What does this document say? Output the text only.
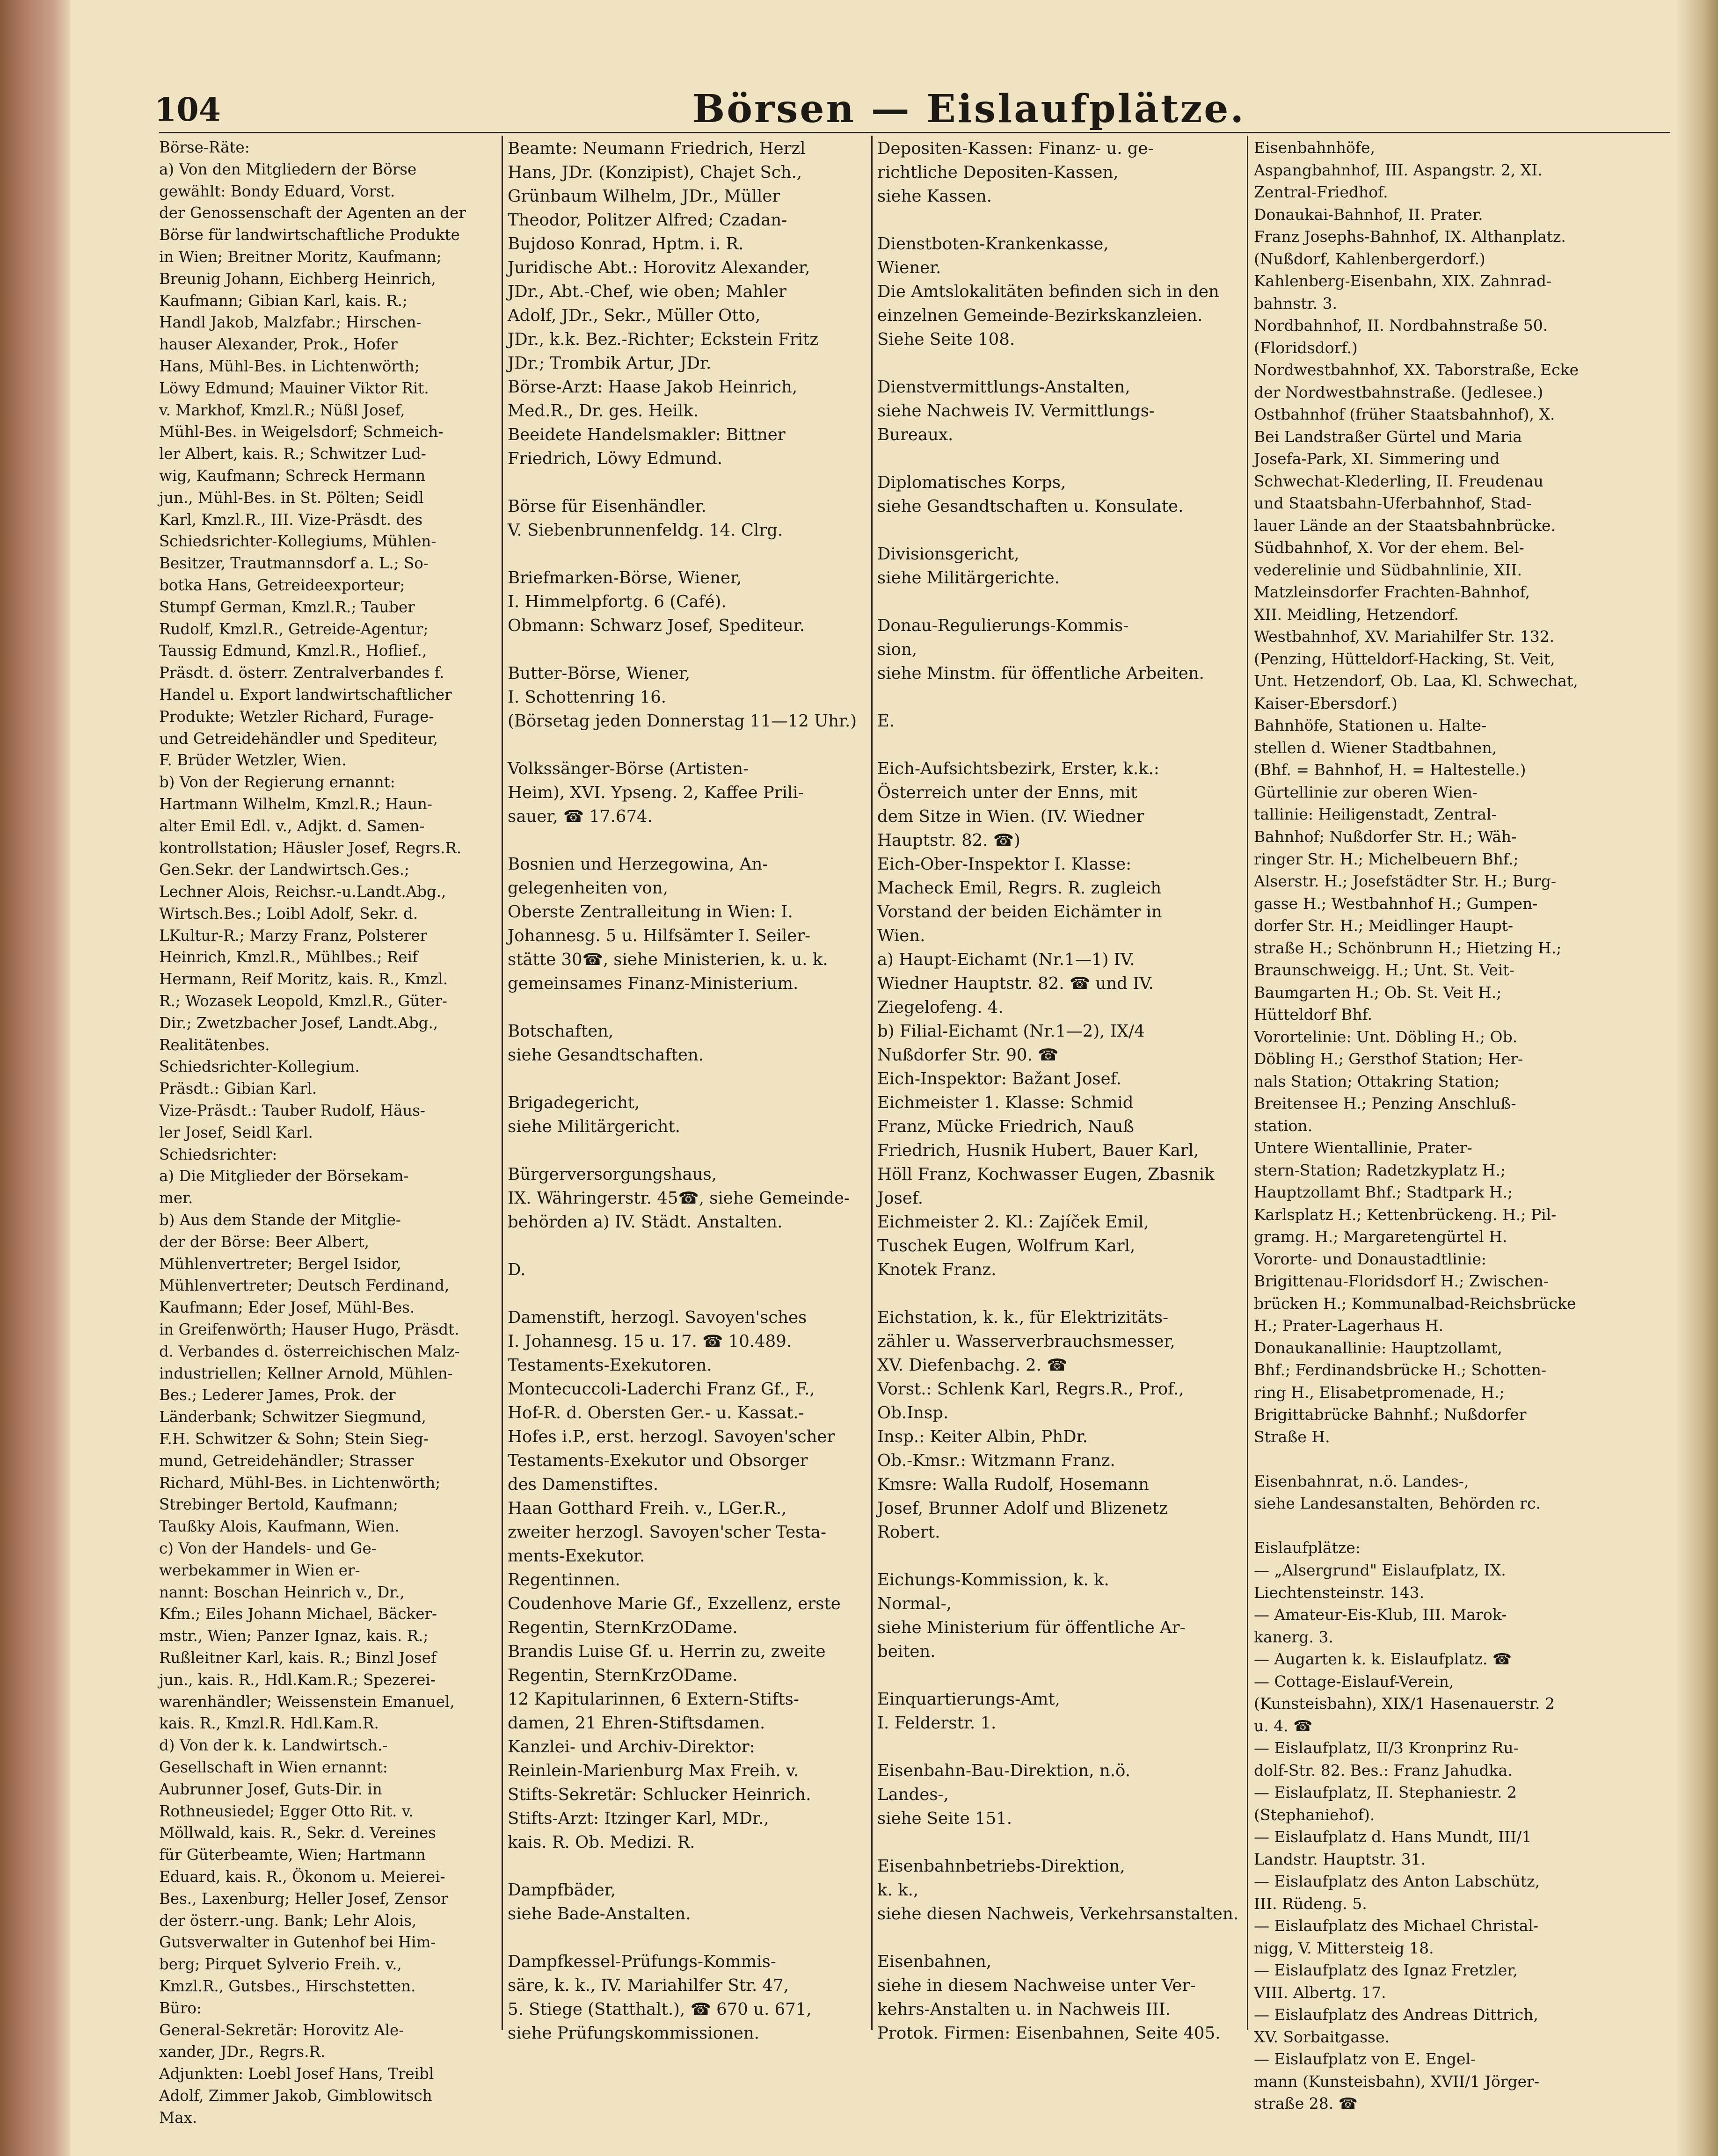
104	Börsen — Eislaufplätze.
Börse-Räte:
a) Von den Mitgliedern der Börse
gewählt: Bondy Eduard, Vorst.
der Genossenschaft der Agenten an der
Börse für landwirtschaftliche Produkte
in Wien; Breitner Moritz, Kaufmann;
Breunig Johann, Eichberg Heinrich,
Kaufmann; Gibian Karl, kais. R.;
Handl Jakob, Malzfabr.; Hirschen-
hauser Alexander, Prok., Hofer
Hans, Mühl-Bes. in Lichtenwörth;
Löwy Edmund; Mauiner Viktor Rit.
v. Markhof, Kmzl.R.; Nüßl Josef,
Mühl-Bes. in Weigelsdorf; Schmeich-
ler Albert, kais. R.; Schwitzer Lud-
wig, Kaufmann; Schreck Hermann
jun., Mühl-Bes. in St. Pölten; Seidl
Karl, Kmzl.R., III. Vize-Präsdt. des
Schiedsrichter-Kollegiums, Mühlen-
Besitzer, Trautmannsdorf a. L.; So-
botka Hans, Getreideexporteur;
Stumpf German, Kmzl.R.; Tauber
Rudolf, Kmzl.R., Getreide-Agentur;
Taussig Edmund, Kmzl.R., Hoflief.,
Präsdt. d. österr. Zentralverbandes f.
Handel u. Export landwirtschaftlicher
Produkte; Wetzler Richard, Furage-
und Getreidehändler und Spediteur,
F. Brüder Wetzler, Wien.
b) Von der Regierung ernannt:
Hartmann Wilhelm, Kmzl.R.; Haun-
alter Emil Edl. v., Adjkt. d. Samen-
kontrollstation; Häusler Josef, Regrs.R.
Gen.Sekr. der Landwirtsch.Ges.;
Lechner Alois, Reichsr.-u.Landt.Abg.,
Wirtsch.Bes.; Loibl Adolf, Sekr. d.
LKultur-R.; Marzy Franz, Polsterer
Heinrich, Kmzl.R., Mühlbes.; Reif
Hermann, Reif Moritz, kais. R., Kmzl.
R.; Wozasek Leopold, Kmzl.R., Güter-
Dir.; Zwetzbacher Josef, Landt.Abg.,
Realitätenbes.
Schiedsrichter-Kollegium.
Präsdt.: Gibian Karl.
Vize-Präsdt.: Tauber Rudolf, Häus-
ler Josef, Seidl Karl.
Schiedsrichter:
a) Die Mitglieder der Börsekam-
mer.
b) Aus dem Stande der Mitglie-
der der Börse: Beer Albert,
Mühlenvertreter; Bergel Isidor,
Mühlenvertreter; Deutsch Ferdinand,
Kaufmann; Eder Josef, Mühl-Bes.
in Greifenwörth; Hauser Hugo, Präsdt.
d. Verbandes d. österreichischen Malz-
industriellen; Kellner Arnold, Mühlen-
Bes.; Lederer James, Prok. der
Länderbank; Schwitzer Siegmund,
F.H. Schwitzer & Sohn; Stein Sieg-
mund, Getreidehändler; Strasser
Richard, Mühl-Bes. in Lichtenwörth;
Strebinger Bertold, Kaufmann;
Taußky Alois, Kaufmann, Wien.
c) Von der Handels- und Ge-
werbekammer in Wien er-
nannt: Boschan Heinrich v., Dr.,
Kfm.; Eiles Johann Michael, Bäcker-
mstr., Wien; Panzer Ignaz, kais. R.;
Rußleitner Karl, kais. R.; Binzl Josef
jun., kais. R., Hdl.Kam.R.; Spezerei-
warenhändler; Weissenstein Emanuel,
kais. R., Kmzl.R. Hdl.Kam.R.
d) Von der k. k. Landwirtsch.-
Gesellschaft in Wien ernannt:
Aubrunner Josef, Guts-Dir. in
Rothneusiedel; Egger Otto Rit. v.
Möllwald, kais. R., Sekr. d. Vereines
für Güterbeamte, Wien; Hartmann
Eduard, kais. R., Ökonom u. Meierei-
Bes., Laxenburg; Heller Josef, Zensor
der österr.-ung. Bank; Lehr Alois,
Gutsverwalter in Gutenhof bei Him-
berg; Pirquet Sylverio Freih. v.,
Kmzl.R., Gutsbes., Hirschstetten.
Büro:
General-Sekretär: Horovitz Ale-
xander, JDr., Regrs.R.
Adjunkten: Loebl Josef Hans, Treibl
Adolf, Zimmer Jakob, Gimblowitsch
Max.
Beamte: Neumann Friedrich, Herzl
Hans, JDr. (Konzipist), Chajet Sch.,
Grünbaum Wilhelm, JDr., Müller
Theodor, Politzer Alfred; Czadan-
Bujdoso Konrad, Hptm. i. R.
Juridische Abt.: Horovitz Alexander,
JDr., Abt.-Chef, wie oben; Mahler
Adolf, JDr., Sekr., Müller Otto,
JDr., k.k. Bez.-Richter; Eckstein Fritz
JDr.; Trombik Artur, JDr.
Börse-Arzt: Haase Jakob Heinrich,
Med.R., Dr. ges. Heilk.
Beeidete Handelsmakler: Bittner
Friedrich, Löwy Edmund.

Börse für Eisenhändler.
V. Siebenbrunnenfeldg. 14. Clrg.

Briefmarken-Börse, Wiener,
I. Himmelpfortg. 6 (Café).
Obmann: Schwarz Josef, Spediteur.

Butter-Börse, Wiener,
I. Schottenring 16.
(Börsetag jeden Donnerstag 11—12 Uhr.)

Volkssänger-Börse (Artisten-
Heim), XVI. Ypseng. 2, Kaffee Prili-
sauer, ☎ 17.674.

Bosnien und Herzegowina, An-
gelegenheiten von,
Oberste Zentralleitung in Wien: I.
Johannesg. 5 u. Hilfsämter I. Seiler-
stätte 30☎, siehe Ministerien, k. u. k.
gemeinsames Finanz-Ministerium.

Botschaften,
siehe Gesandtschaften.

Brigadegericht,
siehe Militärgericht.

Bürgerversorgungshaus,
IX. Währingerstr. 45☎, siehe Gemeinde-
behörden a) IV. Städt. Anstalten.

D.

Damenstift, herzogl. Savoyen'sches
I. Johannesg. 15 u. 17. ☎ 10.489.
Testaments-Exekutoren.
Montecuccoli-Laderchi Franz Gf., F.,
Hof-R. d. Obersten Ger.- u. Kassat.-
Hofes i.P., erst. herzogl. Savoyen'scher
Testaments-Exekutor und Obsorger
des Damenstiftes.
Haan Gotthard Freih. v., LGer.R.,
zweiter herzogl. Savoyen'scher Testa-
ments-Exekutor.
Regentinnen.
Coudenhove Marie Gf., Exzellenz, erste
Regentin, SternKrzODame.
Brandis Luise Gf. u. Herrin zu, zweite
Regentin, SternKrzODame.
12 Kapitularinnen, 6 Extern-Stifts-
damen, 21 Ehren-Stiftsdamen.
Kanzlei- und Archiv-Direktor:
Reinlein-Marienburg Max Freih. v.
Stifts-Sekretär: Schlucker Heinrich.
Stifts-Arzt: Itzinger Karl, MDr.,
kais. R. Ob. Medizi. R.

Dampfbäder,
siehe Bade-Anstalten.

Dampfkessel-Prüfungs-Kommis-
säre, k. k., IV. Mariahilfer Str. 47,
5. Stiege (Statthalt.), ☎ 670 u. 671,
siehe Prüfungskommissionen.
Depositen-Kassen: Finanz- u. ge-
richtliche Depositen-Kassen,
siehe Kassen.

Dienstboten-Krankenkasse,
Wiener.
Die Amtslokalitäten befinden sich in den
einzelnen Gemeinde-Bezirkskanzleien.
Siehe Seite 108.

Dienstvermittlungs-Anstalten,
siehe Nachweis IV. Vermittlungs-
Bureaux.

Diplomatisches Korps,
siehe Gesandtschaften u. Konsulate.

Divisionsgericht,
siehe Militärgerichte.

Donau-Regulierungs-Kommis-
sion,
siehe Minstm. für öffentliche Arbeiten.

E.

Eich-Aufsichtsbezirk, Erster, k.k.:
Österreich unter der Enns, mit
dem Sitze in Wien. (IV. Wiedner
Hauptstr. 82. ☎)
Eich-Ober-Inspektor I. Klasse:
Macheck Emil, Regrs. R. zugleich
Vorstand der beiden Eichämter in
Wien.
a) Haupt-Eichamt (Nr.1—1) IV.
Wiedner Hauptstr. 82. ☎ und IV.
Ziegelofeng. 4.
b) Filial-Eichamt (Nr.1—2), IX/4
Nußdorfer Str. 90. ☎
Eich-Inspektor: Bažant Josef.
Eichmeister 1. Klasse: Schmid
Franz, Mücke Friedrich, Nauß
Friedrich, Husnik Hubert, Bauer Karl,
Höll Franz, Kochwasser Eugen, Zbasnik
Josef.
Eichmeister 2. Kl.: Zajíček Emil,
Tuschek Eugen, Wolfrum Karl,
Knotek Franz.

Eichstation, k. k., für Elektrizitäts-
zähler u. Wasserverbrauchsmesser,
XV. Diefenbachg. 2. ☎
Vorst.: Schlenk Karl, Regrs.R., Prof.,
Ob.Insp.
Insp.: Keiter Albin, PhDr.
Ob.-Kmsr.: Witzmann Franz.
Kmsre: Walla Rudolf, Hosemann
Josef, Brunner Adolf und Blizenetz
Robert.

Eichungs-Kommission, k. k.
Normal-,
siehe Ministerium für öffentliche Ar-
beiten.

Einquartierungs-Amt,
I. Felderstr. 1.

Eisenbahn-Bau-Direktion, n.ö.
Landes-,
siehe Seite 151.

Eisenbahnbetriebs-Direktion,
k. k.,
siehe diesen Nachweis, Verkehrsanstalten.

Eisenbahnen,
siehe in diesem Nachweise unter Ver-
kehrs-Anstalten u. in Nachweis III.
Protok. Firmen: Eisenbahnen, Seite 405.
Eisenbahnhöfe,
Aspangbahnhof, III. Aspangstr. 2, XI.
Zentral-Friedhof.
Donaukai-Bahnhof, II. Prater.
Franz Josephs-Bahnhof, IX. Althanplatz.
(Nußdorf, Kahlenbergerdorf.)
Kahlenberg-Eisenbahn, XIX. Zahnrad-
bahnstr. 3.
Nordbahnhof, II. Nordbahnstraße 50.
(Floridsdorf.)
Nordwestbahnhof, XX. Taborstraße, Ecke
der Nordwestbahnstraße. (Jedlesee.)
Ostbahnhof (früher Staatsbahnhof), X.
Bei Landstraßer Gürtel und Maria
Josefa-Park, XI. Simmering und
Schwechat-Klederling, II. Freudenau
und Staatsbahn-Uferbahnhof, Stad-
lauer Lände an der Staatsbahnbrücke.
Südbahnhof, X. Vor der ehem. Bel-
vederelinie und Südbahnlinie, XII.
Matzleinsdorfer Frachten-Bahnhof,
XII. Meidling, Hetzendorf.
Westbahnhof, XV. Mariahilfer Str. 132.
(Penzing, Hütteldorf-Hacking, St. Veit,
Unt. Hetzendorf, Ob. Laa, Kl. Schwechat,
Kaiser-Ebersdorf.)
Bahnhöfe, Stationen u. Halte-
stellen d. Wiener Stadtbahnen,
(Bhf. = Bahnhof, H. = Haltestelle.)
Gürtellinie zur oberen Wien-
tallinie: Heiligenstadt, Zentral-
Bahnhof; Nußdorfer Str. H.; Wäh-
ringer Str. H.; Michelbeuern Bhf.;
Alserstr. H.; Josefstädter Str. H.; Burg-
gasse H.; Westbahnhof H.; Gumpen-
dorfer Str. H.; Meidlinger Haupt-
straße H.; Schönbrunn H.; Hietzing H.;
Braunschweigg. H.; Unt. St. Veit-
Baumgarten H.; Ob. St. Veit H.;
Hütteldorf Bhf.
Vorortelinie: Unt. Döbling H.; Ob.
Döbling H.; Gersthof Station; Her-
nals Station; Ottakring Station;
Breitensee H.; Penzing Anschluß-
station.
Untere Wientallinie, Prater-
stern-Station; Radetzkyplatz H.;
Hauptzollamt Bhf.; Stadtpark H.;
Karlsplatz H.; Kettenbrückeng. H.; Pil-
gramg. H.; Margaretengürtel H.
Vororte- und Donaustadtlinie:
Brigittenau-Floridsdorf H.; Zwischen-
brücken H.; Kommunalbad-Reichsbrücke
H.; Prater-Lagerhaus H.
Donaukanallinie: Hauptzollamt,
Bhf.; Ferdinandsbrücke H.; Schotten-
ring H., Elisabetpromenade, H.;
Brigittabrücke Bahnhf.; Nußdorfer
Straße H.

Eisenbahnrat, n.ö. Landes-,
siehe Landesanstalten, Behörden rc.

Eislaufplätze:
— „Alsergrund" Eislaufplatz, IX.
Liechtensteinstr. 143.
— Amateur-Eis-Klub, III. Marok-
kanerg. 3.
— Augarten k. k. Eislaufplatz. ☎
— Cottage-Eislauf-Verein,
(Kunsteisbahn), XIX/1 Hasenauerstr. 2
u. 4. ☎
— Eislaufplatz, II/3 Kronprinz Ru-
dolf-Str. 82. Bes.: Franz Jahudka.
— Eislaufplatz, II. Stephaniestr. 2
(Stephaniehof).
— Eislaufplatz d. Hans Mundt, III/1
Landstr. Hauptstr. 31.
— Eislaufplatz des Anton Labschütz,
III. Rüdeng. 5.
— Eislaufplatz des Michael Christal-
nigg, V. Mittersteig 18.
— Eislaufplatz des Ignaz Fretzler,
VIII. Albertg. 17.
— Eislaufplatz des Andreas Dittrich,
XV. Sorbaitgasse.
— Eislaufplatz von E. Engel-
mann (Kunsteisbahn), XVII/1 Jörger-
straße 28. ☎
